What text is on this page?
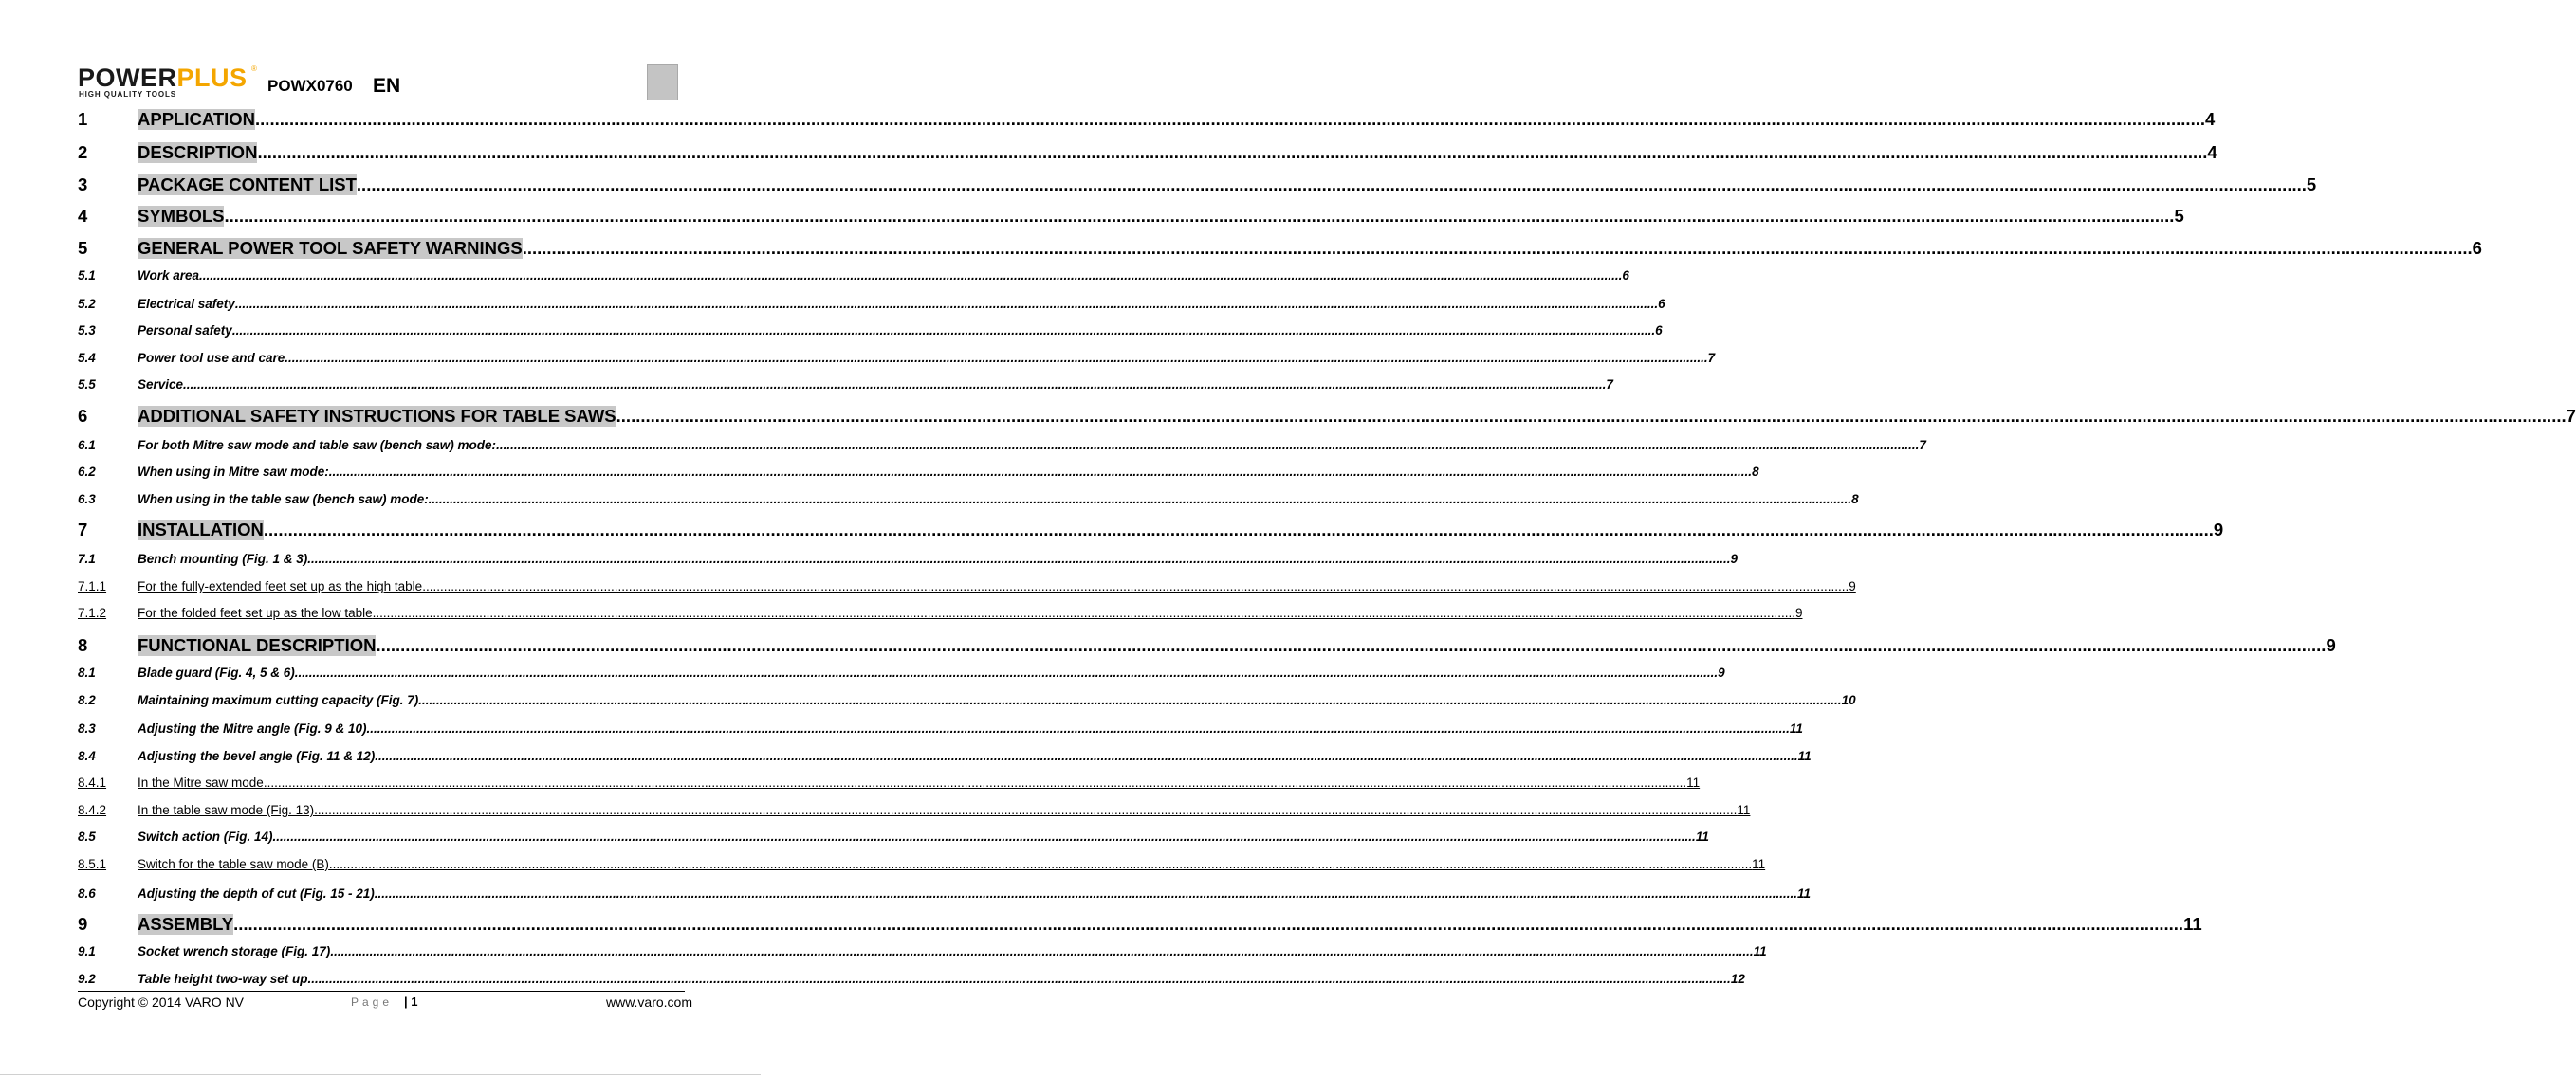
POWERPLUS ®
HIGH QUALITY TOOLS	POWX0760 EN
1	APPLICATION ................................................................................................................................................................................................................................................................................................................................................................................................................ 4
2	DESCRIPTION ................................................................................................................................................................................................................................................................................................................................................................................................................ 4
3	PACKAGE CONTENT LIST ................................................................................................................................................................................................................................................................................................................................................................................................................ 5
4	SYMBOLS ................................................................................................................................................................................................................................................................................................................................................................................................................ 5
5	GENERAL POWER TOOL SAFETY WARNINGS ................................................................................................................................................................................................................................................................................................................................................................................................................ 6
5.1	Work area ................................................................................................................................................................................................................................................................................................................................................................................................................ 6
5.2	Electrical safety ................................................................................................................................................................................................................................................................................................................................................................................................................ 6
5.3	Personal safety ................................................................................................................................................................................................................................................................................................................................................................................................................ 6
5.4	Power tool use and care ................................................................................................................................................................................................................................................................................................................................................................................................................ 7
5.5	Service ................................................................................................................................................................................................................................................................................................................................................................................................................ 7
6	ADDITIONAL SAFETY INSTRUCTIONS FOR TABLE SAWS ................................................................................................................................................................................................................................................................................................................................................................................................................ 7
6.1	For both Mitre saw mode and table saw (bench saw) mode: ................................................................................................................................................................................................................................................................................................................................................................................................................ 7
6.2	When using in Mitre saw mode: ................................................................................................................................................................................................................................................................................................................................................................................................................ 8
6.3	When using in the table saw (bench saw) mode: ................................................................................................................................................................................................................................................................................................................................................................................................................ 8
7	INSTALLATION ................................................................................................................................................................................................................................................................................................................................................................................................................ 9
7.1	Bench mounting (Fig. 1 & 3) ................................................................................................................................................................................................................................................................................................................................................................................................................ 9
7.1.1	For the fully-extended feet set up as the high table. ................................................................................................................................................................................................................................................................................................................................................................................................................ 9
7.1.2	For the folded feet set up as the low table ................................................................................................................................................................................................................................................................................................................................................................................................................ 9
8	FUNCTIONAL DESCRIPTION ................................................................................................................................................................................................................................................................................................................................................................................................................ 9
8.1	Blade guard (Fig. 4, 5 & 6) ................................................................................................................................................................................................................................................................................................................................................................................................................ 9
8.2	Maintaining maximum cutting capacity (Fig. 7) ................................................................................................................................................................................................................................................................................................................................................................................................................ 10
8.3	Adjusting the Mitre angle (Fig. 9 & 10) ................................................................................................................................................................................................................................................................................................................................................................................................................ 11
8.4	Adjusting the bevel angle (Fig. 11 & 12) ................................................................................................................................................................................................................................................................................................................................................................................................................ 11
8.4.1	In the Mitre saw mode ................................................................................................................................................................................................................................................................................................................................................................................................................ 11
8.4.2	In the table saw mode (Fig. 13) ................................................................................................................................................................................................................................................................................................................................................................................................................ 11
8.5	Switch action (Fig. 14) ................................................................................................................................................................................................................................................................................................................................................................................................................ 11
8.5.1	Switch for the table saw mode (B) ................................................................................................................................................................................................................................................................................................................................................................................................................ 11
8.6	Adjusting the depth of cut (Fig. 15 - 21) ................................................................................................................................................................................................................................................................................................................................................................................................................ 11
9	ASSEMBLY ................................................................................................................................................................................................................................................................................................................................................................................................................ 11
9.1	Socket wrench storage (Fig. 17) ................................................................................................................................................................................................................................................................................................................................................................................................................ 11
9.2	Table height two-way set up ................................................................................................................................................................................................................................................................................................................................................................................................................ 12
Copyright © 2014 VARO NV	Page | 1	www.varo.com
